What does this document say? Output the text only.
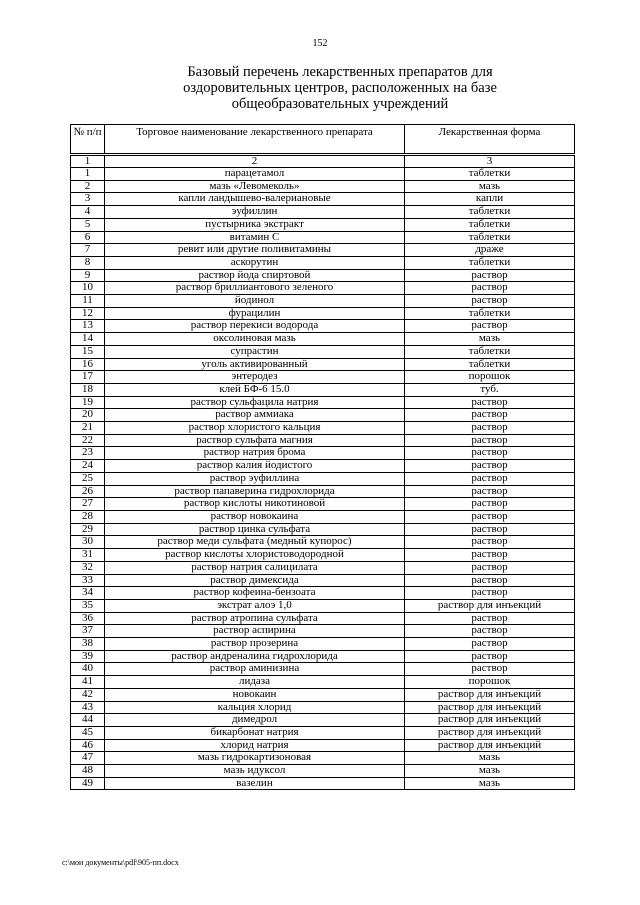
152
Базовый перечень лекарственных препаратов для
оздоровительных центров, расположенных на базе
общеобразовательных учреждений
№ п/п	Торговое наименование лекарственного препарата	Лекарственная форма
1	2	3
1	парацетамол	таблетки
2	мазь «Левомеколь»	мазь
3	капли ландышево-валериановые	капли
4	эуфиллин	таблетки
5	пустырника экстракт	таблетки
6	витамин С	таблетки
7	ревит или другие поливитамины	драже
8	аскорутин	таблетки
9	раствор йода спиртовой	раствор
10	раствор бриллиантового зеленого	раствор
11	йодинол	раствор
12	фурацилин	таблетки
13	раствор перекиси водорода	раствор
14	оксолиновая мазь	мазь
15	супрастин	таблетки
16	уголь активированный	таблетки
17	энтеродез	порошок
18	клей БФ-6 15.0	туб.
19	раствор сульфацила натрия	раствор
20	раствор аммиака	раствор
21	раствор хлористого кальция	раствор
22	раствор сульфата магния	раствор
23	раствор натрия брома	раствор
24	раствор калия йодистого	раствор
25	раствор эуфиллина	раствор
26	раствор папаверина гидрохлорида	раствор
27	раствор кислоты никотиновой	раствор
28	раствор новокаина	раствор
29	раствор цинка сульфата	раствор
30	раствор меди сульфата (медный купорос)	раствор
31	раствор кислоты хлористоводородной	раствор
32	раствор натрия салицилата	раствор
33	раствор димексида	раствор
34	раствор кофеина-бензоата	раствор
35	экстрат алоэ 1,0	раствор для инъекций
36	раствор атропина сульфата	раствор
37	раствор аспирина	раствор
38	раствор прозерина	раствор
39	раствор андреналина гидрохлорида	раствор
40	раствор аминизина	раствор
41	лидаза	порошок
42	новокаин	раствор для инъекций
43	кальция хлорид	раствор для инъекций
44	димедрол	раствор для инъекций
45	бикарбонат натрия	раствор для инъекций
46	хлорид натрия	раствор для инъекций
47	мазь гидрокартизоновая	мазь
48	мазь идуксол	мазь
49	вазелин	мазь
c:\мои документы\pdf\905-пп.docx
